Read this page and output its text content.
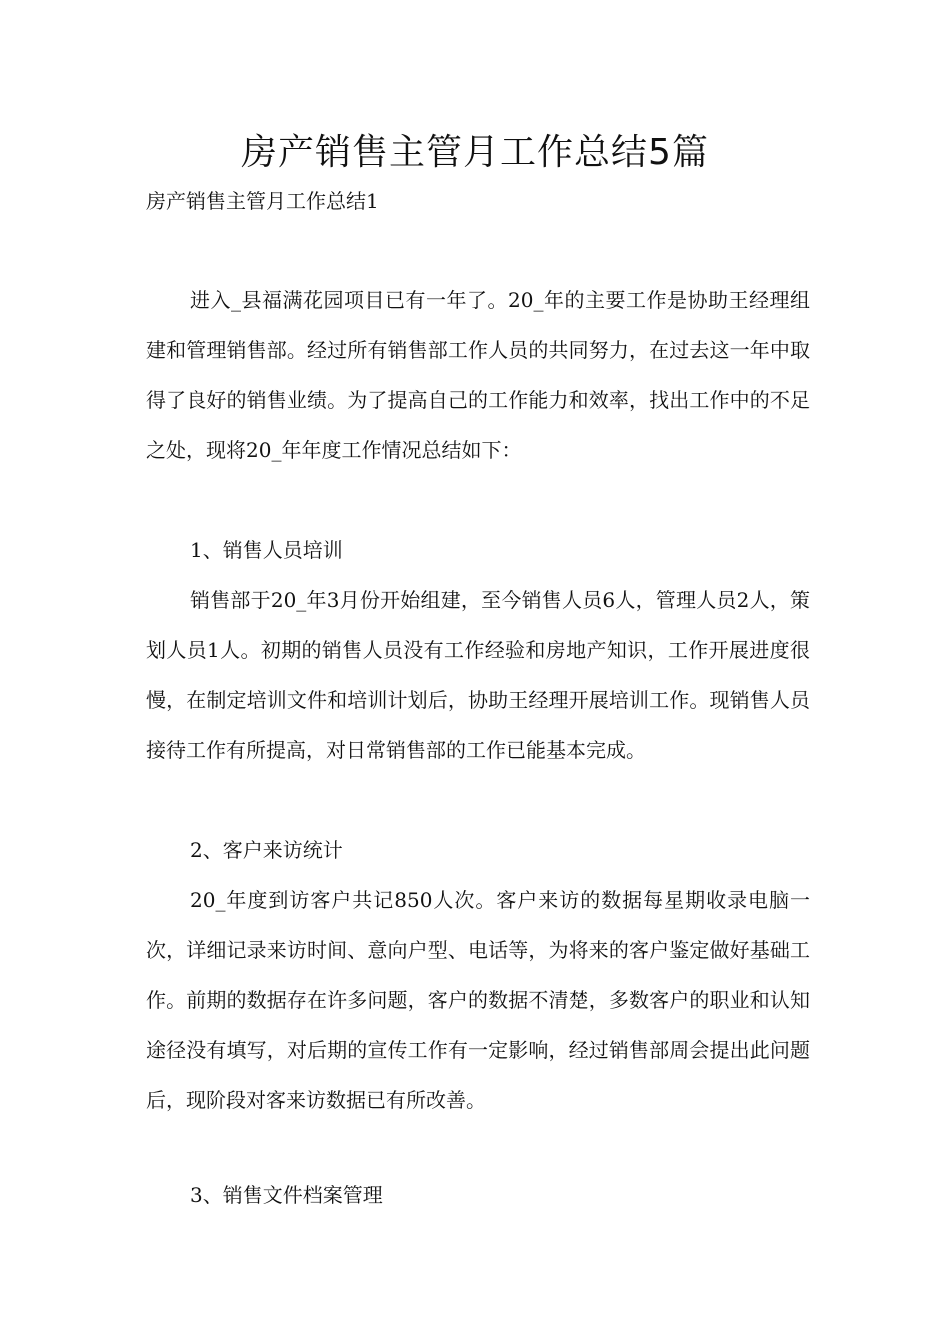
房产销售主管月工作总结5篇

房产销售主管月工作总结1

进入_县福满花园项目已有一年了。20_年的主要工作是协助王经理组建和管理销售部。经过所有销售部工作人员的共同努力，在过去这一年中取得了良好的销售业绩。为了提高自己的工作能力和效率，找出工作中的不足之处，现将20_年年度工作情况总结如下：

1、销售人员培训

销售部于20_年3月份开始组建，至今销售人员6人，管理人员2人，策划人员1人。初期的销售人员没有工作经验和房地产知识，工作开展进度很慢，在制定培训文件和培训计划后，协助王经理开展培训工作。现销售人员接待工作有所提高，对日常销售部的工作已能基本完成。

2、客户来访统计

20_年度到访客户共记850人次。客户来访的数据每星期收录电脑一次，详细记录来访时间、意向户型、电话等，为将来的客户鉴定做好基础工作。前期的数据存在许多问题，客户的数据不清楚，多数客户的职业和认知途径没有填写，对后期的宣传工作有一定影响，经过销售部周会提出此问题后，现阶段对客来访数据已有所改善。

3、销售文件档案管理
